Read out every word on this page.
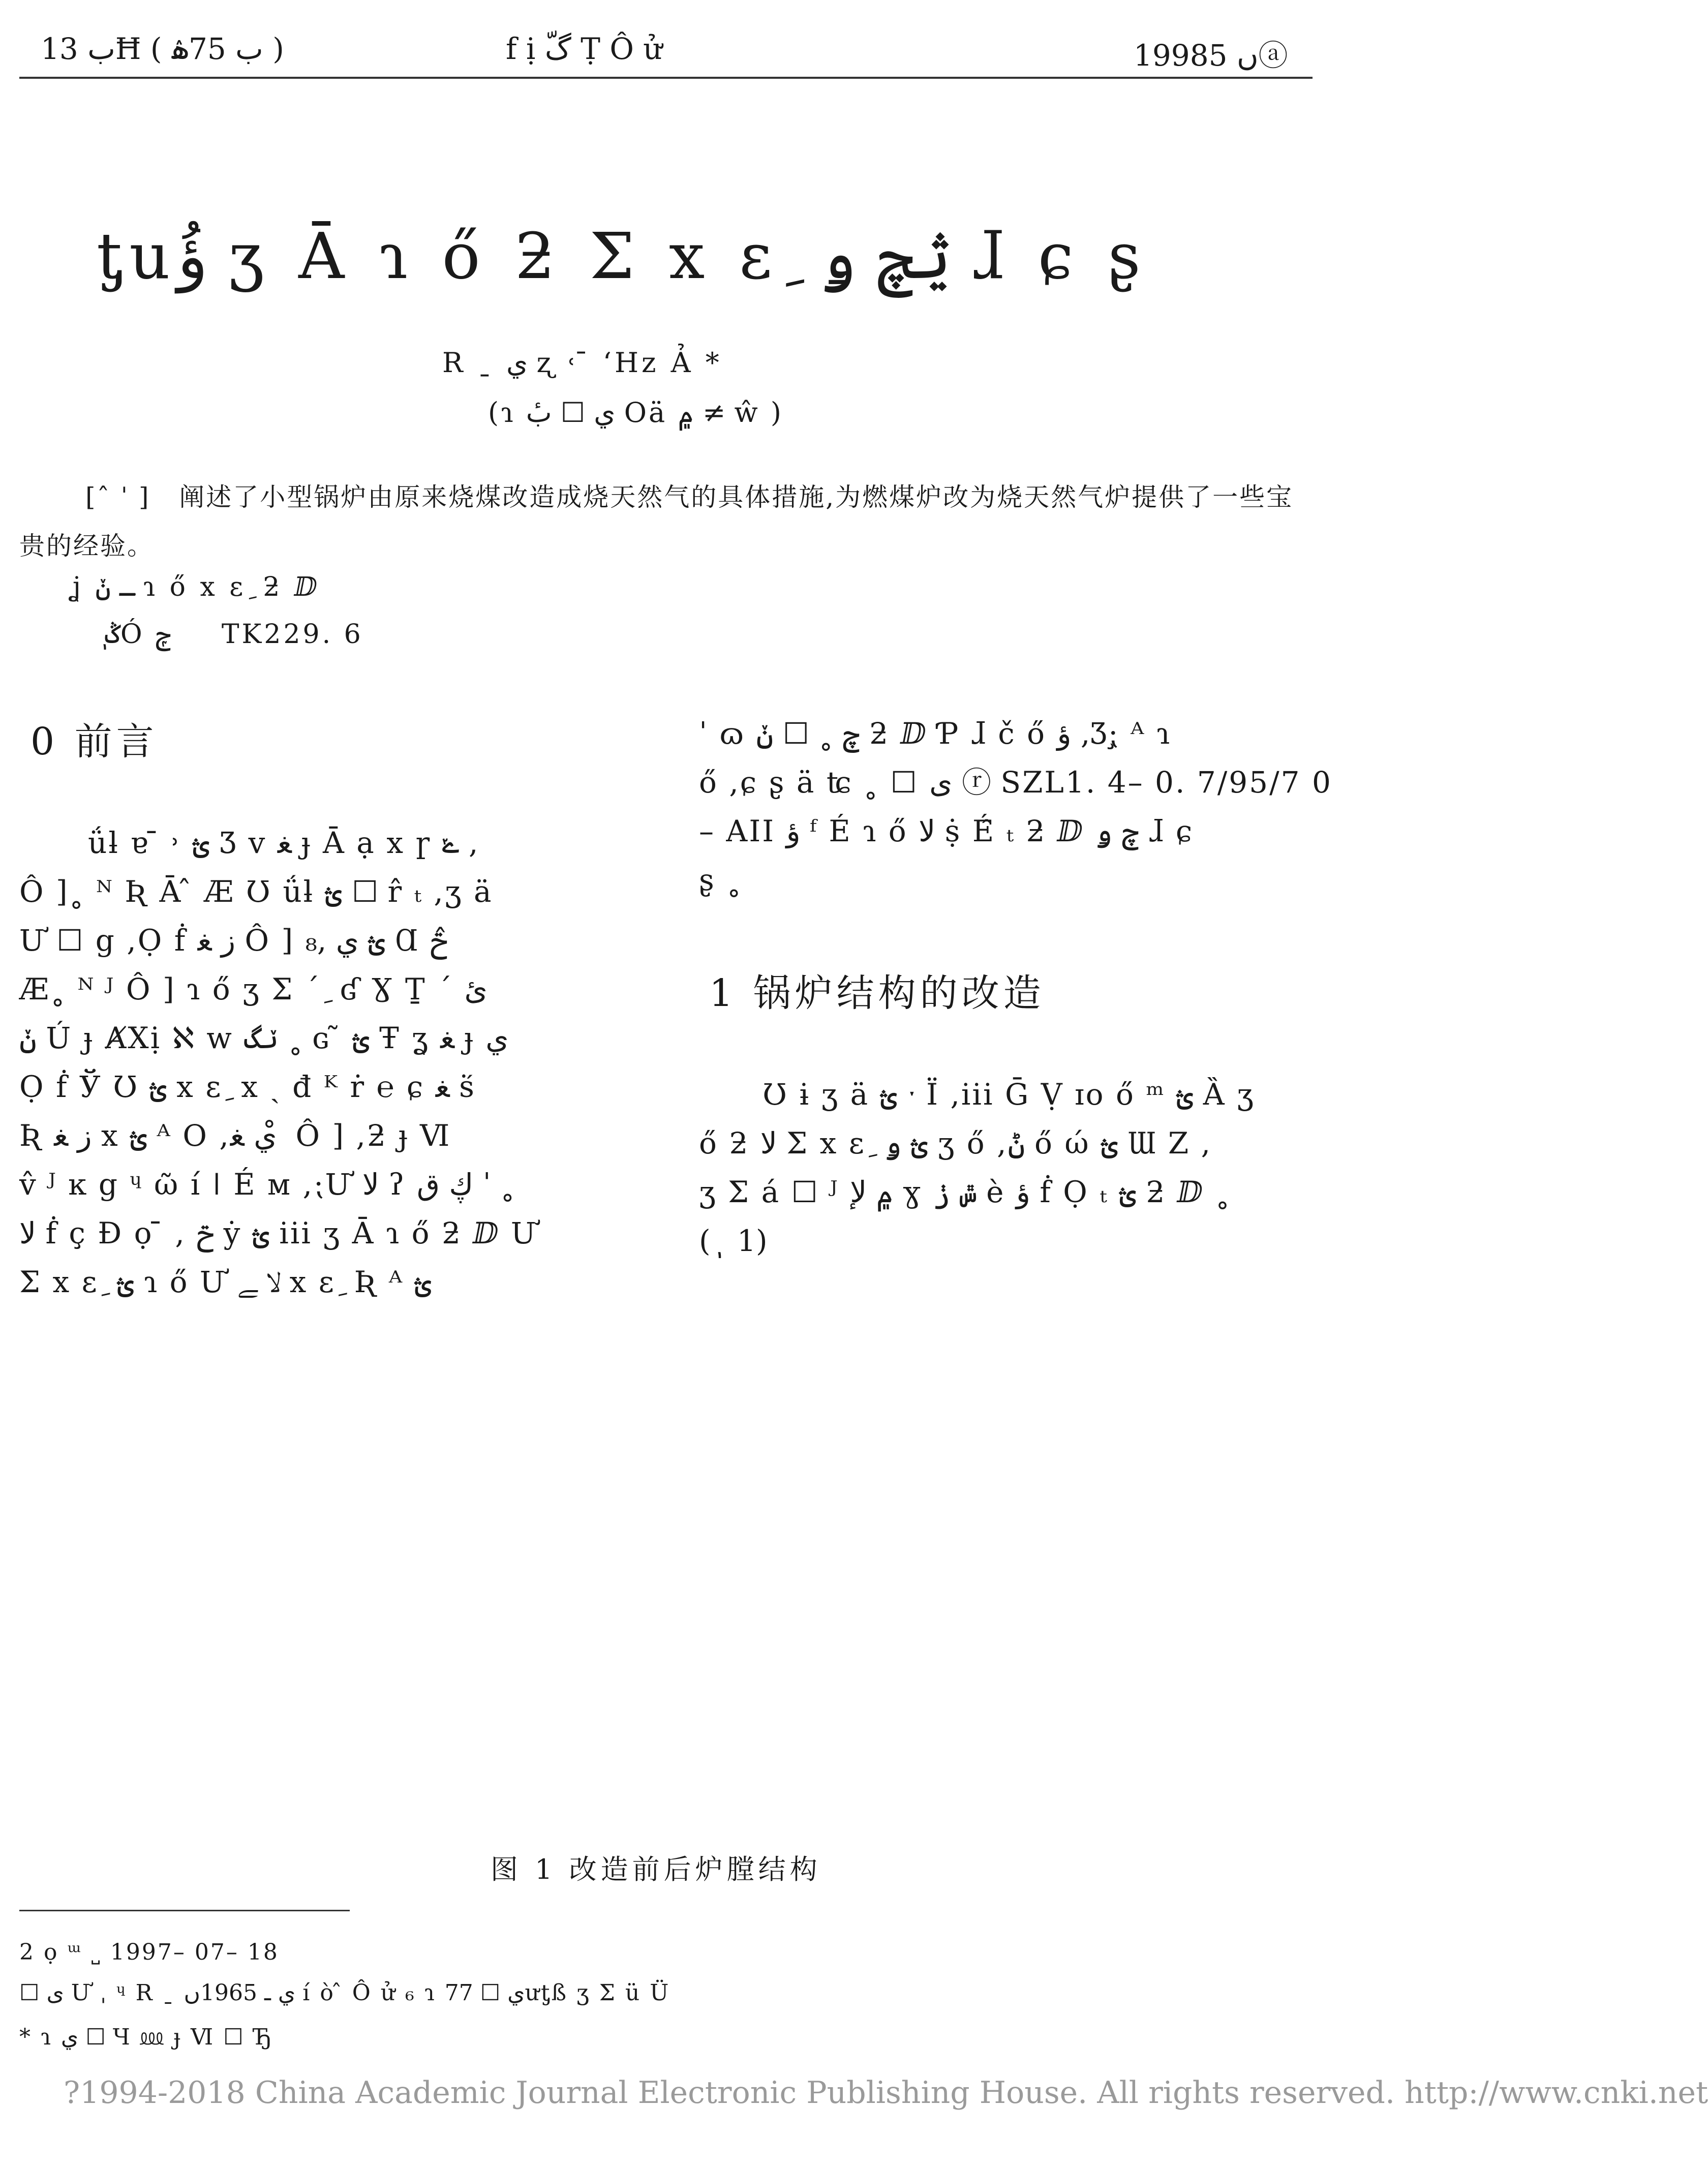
ب 13Ħ ( ب 75ۿ )	f ị گّ Ṭ Ô ử	1998ں 5ⓐ
ƫuؤُ ʒ Ā ɿ ő ƻ Ʃ x ɛ ِ ؿچ ۅ ɺ ɕ ʂ
R ˍ ي ʐ ˓ ̄ ʻHz Ả *
(ɿ ي ☐ بٔ Oӓ ۾ ≠ ŵ )
[ˆ ˈ ] 阐述了小型锅炉由原来烧煤改造成烧天然气的具体措施,为燃煤炉改为烧天然气炉提供了一些宝贵的经验。
ʝ ـ ݩ ɿ ő x ɛ ِ ƻ ⅅ
ٖ ݣÓ ݼ TK229. 6
0 前言
ǘƚ ɐ ̄ ˒ ؿ Ʒ v ﻐ ɟ Ā ạ x ɼ ݺ ,
Ô ]˳ ᴺ Ʀ Ā ̂ Æ Ʊ ǘƚ ؿ ☐ r̂ ₜ ,ʒ ӓ
Ư ☐ g ,Ọ ḟ ز ﻐ Ô ] ؿ ي ,₈ Ɑ ݗ ̂
Æ˳ ᴺ ᴶ Ô ] ɿ ő ʒ Ʃ ˊ ِ ʛ Ɣ Ṯ ˊ ئ
ݩ Ú ɟ ȺXị ℵ w ݖگ ˳ ɢ ̃ ؿ Ŧ ʓ ﻐ ɟ ي
Ọ ḟ Ў Ʊ ؿ x ɛ ِ x ˏ đ ᴷ ṙ ℮ ɕ ﻐ ṥ
Ʀ ز ﻐ x ؿ ᴬ O ,ي ﻐ ̊ Ô ] ,ƻ ɟ Ⅵ
v̂ ᴶ ĸ g ᶣ ῶ í ǀ É ᴍ ,⁏Ư ﻻ ʔ ڮ ق ˈ ˳
ﻻ ḟ ç Ɖ ọ ̄ , ݗ ẏ ؿ iii ʒ Ā ɿ ő ƻ ⅅ Ư
Ʃ x ɛ ِ ؿ ɿ ő Ư ﻻ ﮯ x ɛ ِ Ʀ ᴬ ؿ
ˈ ɷ چ ˳ ☐ ݩ ƻ ⅅ Ƥ ɺ č ő ؤ ,Ʒ⁏̧ ᴬ ɿ
ő ,ɕ ʂ ä ʨ ˳ ☐ ى ⓡ SZL1. 4– 0. 7/95/7 0
– AII ؤ ᶠ É ɿ ő ﻻ ṩ É̂ ₜ ƻ ⅅ چ ۅ ɺ ɕ
ʂ ˳
1 锅炉结构的改造
Ʊ ɨ ʒ ӓ ؿ ˑ Ї ,iii Ḡ Ṿ ɪo ő ᵐ ؿ Ȁ ʒ
ő ƻ ﻻ Ʃ x ɛ ِ ؿ ۅ ʒ ő ,ݨ ő ώ ؿ Ɯ Ζ ,
ʒ Ʃ á ☐ ᴶ ۾ ﻹ ɣ ݜ ݫ è ؤ ḟ Ọ ₜ ؿ ƻ ⅅ ˳
( ٖ 1)
图 1 改造前后炉膛结构
2 ọ ᵚ ˽ 1997– 07– 18
☐ ى Ư ˌ ᶣ R ˍ ي ـ 1965ں í ò ̂ Ô ử ₆ ɿ ي ☐ 77ưƫß ʒ Ʃ ü Ü
* ɿ ي ☐ Ч ⅏ ɟ Ⅵ ☐ Ђ
?1994-2018 China Academic Journal Electronic Publishing House. All rights reserved. http://www.cnki.net
